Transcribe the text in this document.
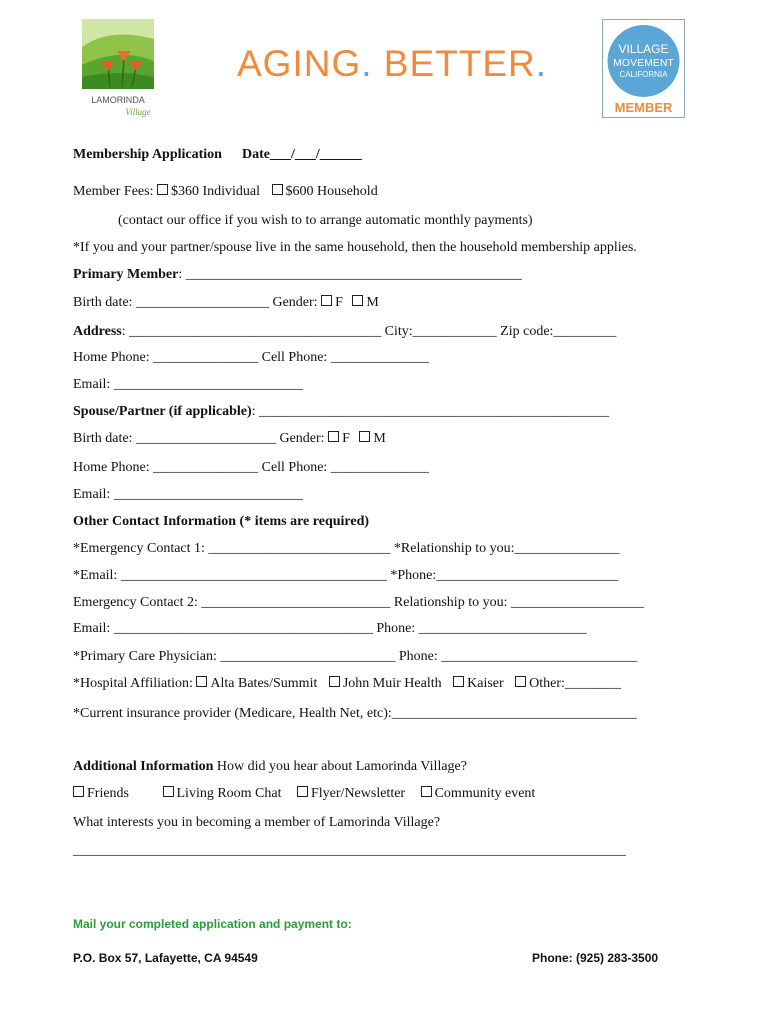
LAMORINDA
Village
AGING. BETTER.	VILLAGE
MOVEMENT
CALIFORNIA
MEMBER
Membership Application Date___/___/______
Member Fees: $360 Individual $600 Household
(contact our office if you wish to to arrange automatic monthly payments)
*If you and your partner/spouse live in the same household, then the household membership applies.
Primary Member: ________________________________________________
Birth date: ___________________ Gender: F M
Address: ____________________________________ City:____________ Zip code:_________
Home Phone: _______________ Cell Phone: ______________
Email: ___________________________
Spouse/Partner (if applicable): __________________________________________________
Birth date: ____________________ Gender: F M
Home Phone: _______________ Cell Phone: ______________
Email: ___________________________
Other Contact Information (* items are required)
*Emergency Contact 1: __________________________ *Relationship to you:_______________
*Email: ______________________________________ *Phone:__________________________
Emergency Contact 2: ___________________________ Relationship to you: ___________________
Email: _____________________________________ Phone: ________________________
*Primary Care Physician: _________________________ Phone: ____________________________
*Hospital Affiliation: Alta Bates/Summit John Muir Health Kaiser Other:________
*Current insurance provider (Medicare, Health Net, etc):___________________________________
Additional Information How did you hear about Lamorinda Village?
Friends	Living Room Chat Flyer/Newsletter Community event
What interests you in becoming a member of Lamorinda Village?
_______________________________________________________________________________
Mail your completed application and payment to:
P.O. Box 57, Lafayette, CA 94549	Phone: (925) 283-3500
